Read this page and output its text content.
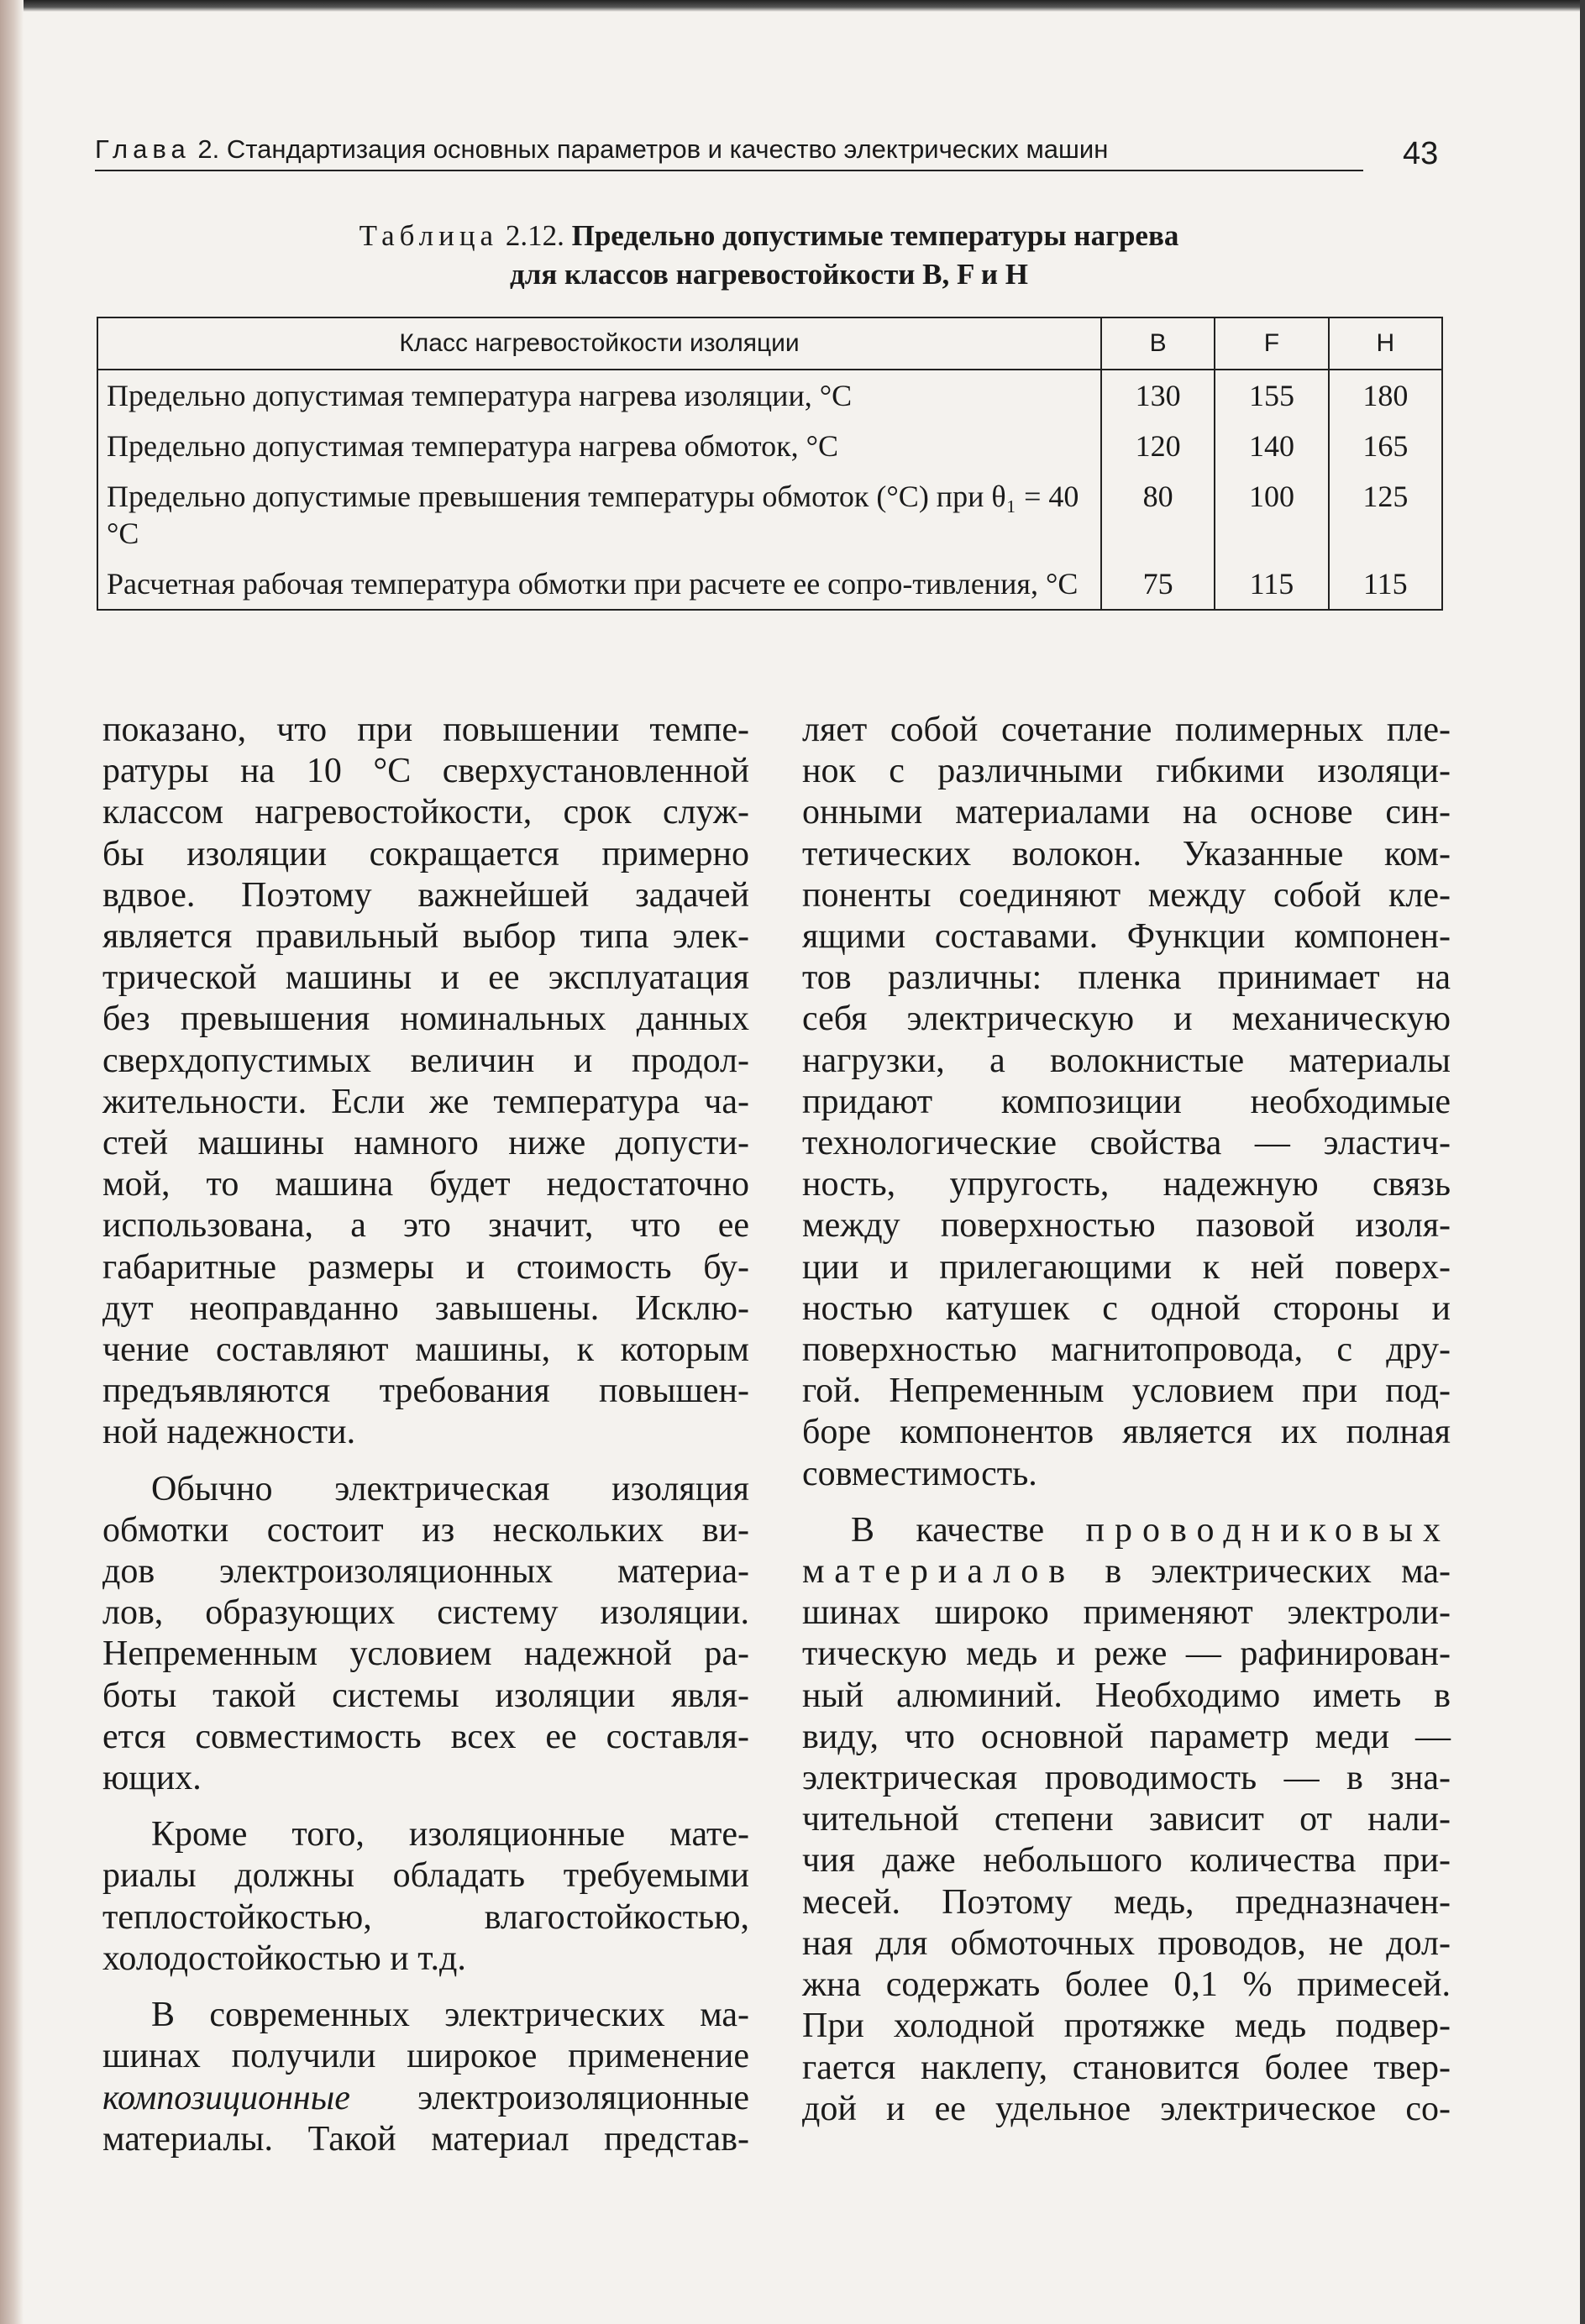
Глава 2. Стандартизация основных параметров и качество электрических машин	43
Таблица 2.12. Предельно допустимые температуры нагрева
для классов нагревостойкости B, F и H
Класс нагревостойкости изоляции	B	F	H
Предельно допустимая температура нагрева изоляции, °С	130	155	180
Предельно допустимая температура нагрева обмоток, °С	120	140	165
Предельно допустимые превышения температуры обмоток (°С) при θ₁ = 40 °С	80	100	125
Расчетная рабочая температура обмотки при расчете ее сопро-тивления, °С	75	115	115

показано, что при повышении темпе-
ратуры на 10 °С сверхустановленной
классом нагревостойкости, срок служ-
бы изоляции сокращается примерно
вдвое. Поэтому важнейшей задачей
является правильный выбор типа элек-
трической машины и ее эксплуатация
без превышения номинальных данных
сверхдопустимых величин и продол-
жительности. Если же температура ча-
стей машины намного ниже допусти-
мой, то машина будет недостаточно
использована, а это значит, что ее
габаритные размеры и стоимость бу-
дут неоправданно завышены. Исклю-
чение составляют машины, к которым
предъявляются требования повышен-
ной надежности.

Обычно электрическая изоляция
обмотки состоит из нескольких ви-
дов электроизоляционных материа-
лов, образующих систему изоляции.
Непременным условием надежной ра-
боты такой системы изоляции явля-
ется совместимость всех ее составля-
ющих.

Кроме того, изоляционные мате-
риалы должны обладать требуемыми
теплостойкостью, влагостойкостью,
холодостойкостью и т.д.

В современных электрических ма-
шинах получили широкое применение
композиционные электроизоляционные
материалы. Такой материал представ-

ляет собой сочетание полимерных пле-
нок с различными гибкими изоляци-
онными материалами на основе син-
тетических волокон. Указанные ком-
поненты соединяют между собой кле-
ящими составами. Функции компонен-
тов различны: пленка принимает на
себя электрическую и механическую
нагрузки, а волокнистые материалы
придают композиции необходимые
технологические свойства — эластич-
ность, упругость, надежную связь
между поверхностью пазовой изоля-
ции и прилегающими к ней поверх-
ностью катушек с одной стороны и
поверхностью магнитопровода, с дру-
гой. Непременным условием при под-
боре компонентов является их полная
совместимость.

В качестве проводниковых
материалов в электрических ма-
шинах широко применяют электроли-
тическую медь и реже — рафинирован-
ный алюминий. Необходимо иметь в
виду, что основной параметр меди —
электрическая проводимость — в зна-
чительной степени зависит от нали-
чия даже небольшого количества при-
месей. Поэтому медь, предназначен-
ная для обмоточных проводов, не дол-
жна содержать более 0,1 % примесей.
При холодной протяжке медь подвер-
гается наклепу, становится более твер-
дой и ее удельное электрическое со-
